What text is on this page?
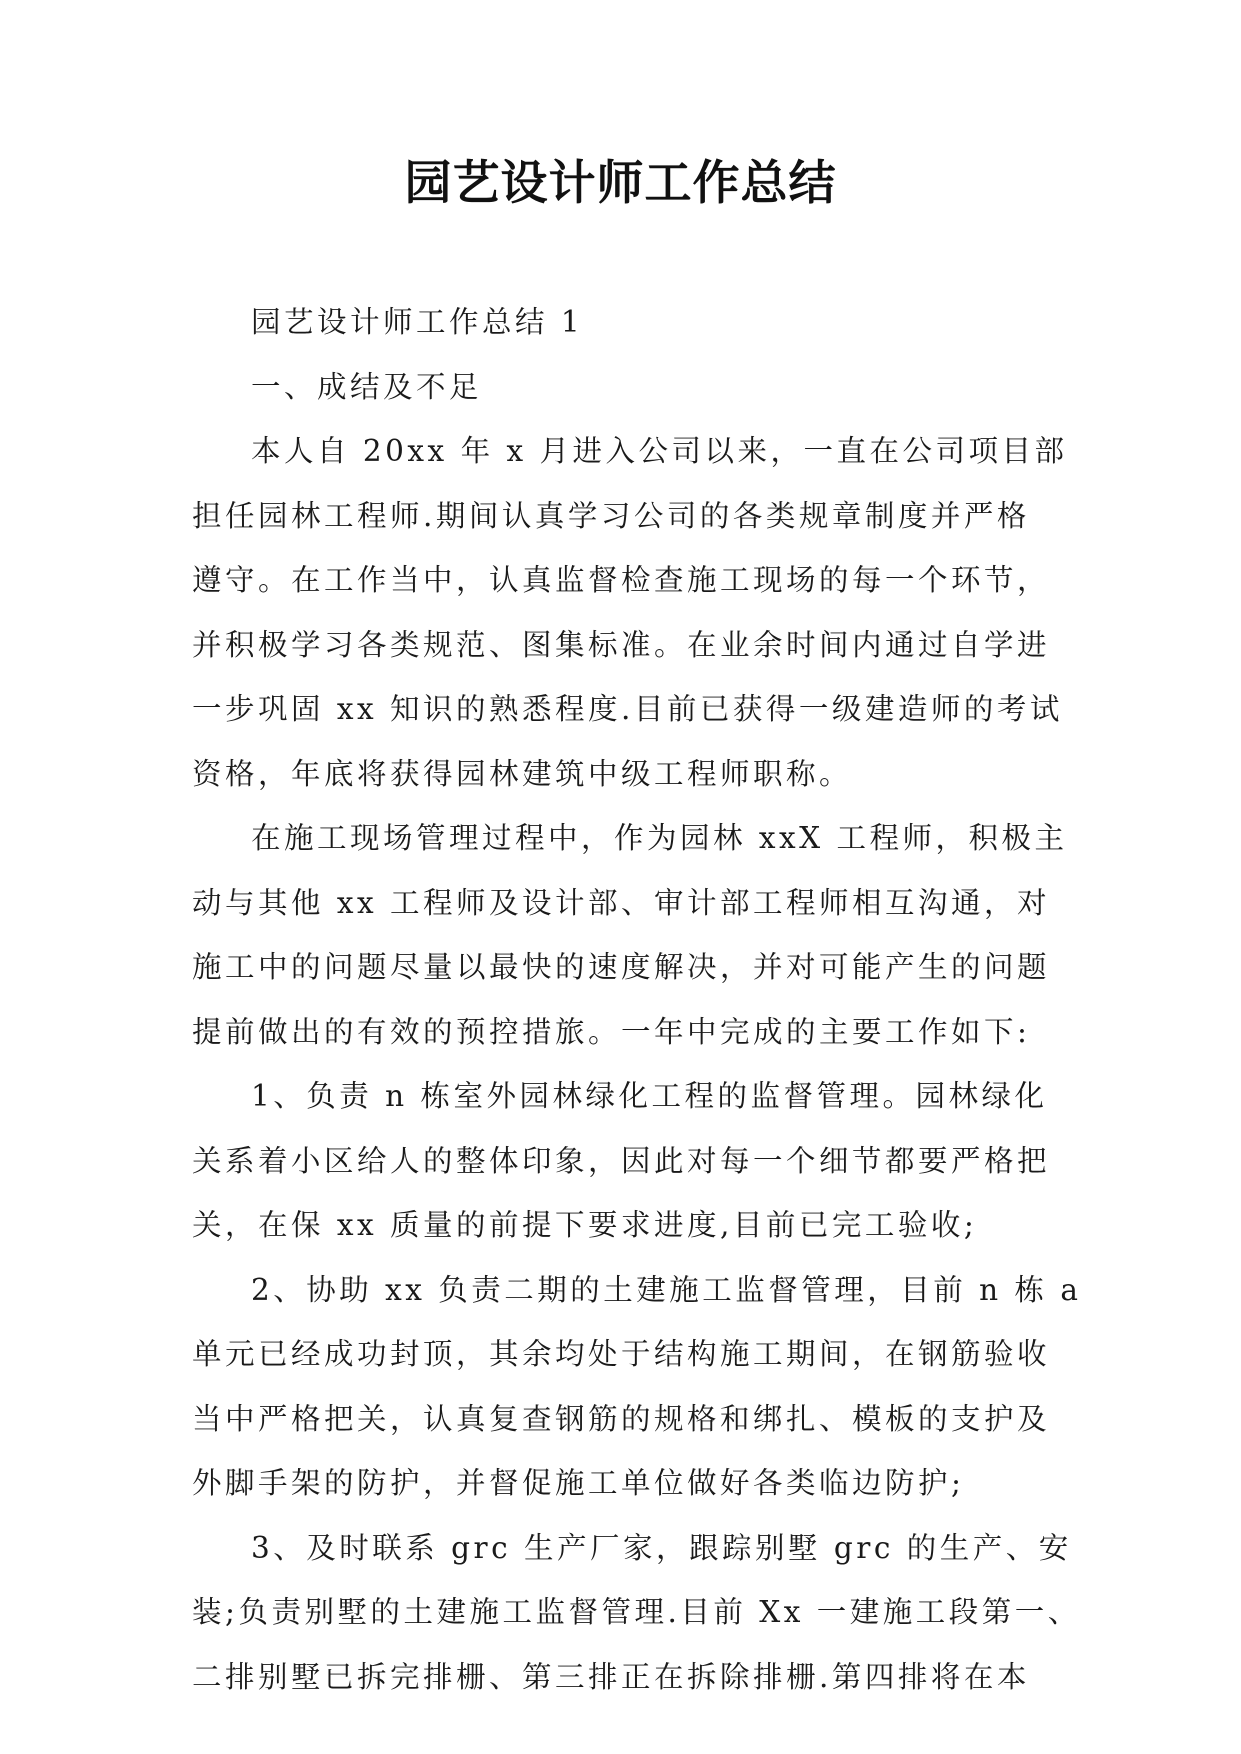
园艺设计师工作总结

园艺设计师工作总结 1

一、成结及不足

本人自 20xx 年 x 月进入公司以来，一直在公司项目部

担任园林工程师.期间认真学习公司的各类规章制度并严格

遵守。在工作当中，认真监督检查施工现场的每一个环节，

并积极学习各类规范、图集标准。在业余时间内通过自学进

一步巩固 xx 知识的熟悉程度.目前已获得一级建造师的考试

资格，年底将获得园林建筑中级工程师职称。

在施工现场管理过程中，作为园林 xxX 工程师，积极主

动与其他 xx 工程师及设计部、审计部工程师相互沟通，对

施工中的问题尽量以最快的速度解决，并对可能产生的问题

提前做出的有效的预控措旅。一年中完成的主要工作如下:

1、负责 n 栋室外园林绿化工程的监督管理。园林绿化

关系着小区给人的整体印象，因此对每一个细节都要严格把

关，在保 xx 质量的前提下要求进度,目前已完工验收;

2、协助 xx 负责二期的土建施工监督管理，目前 n 栋 a

单元已经成功封顶，其余均处于结构施工期间，在钢筋验收

当中严格把关，认真复查钢筋的规格和绑扎、模板的支护及

外脚手架的防护，并督促施工单位做好各类临边防护;

3、及时联系 grc 生产厂家，跟踪别墅 grc 的生产、安

装;负责别墅的土建施工监督管理.目前 Xx 一建施工段第一、

二排别墅已拆完排栅、第三排正在拆除排栅.第四排将在本
